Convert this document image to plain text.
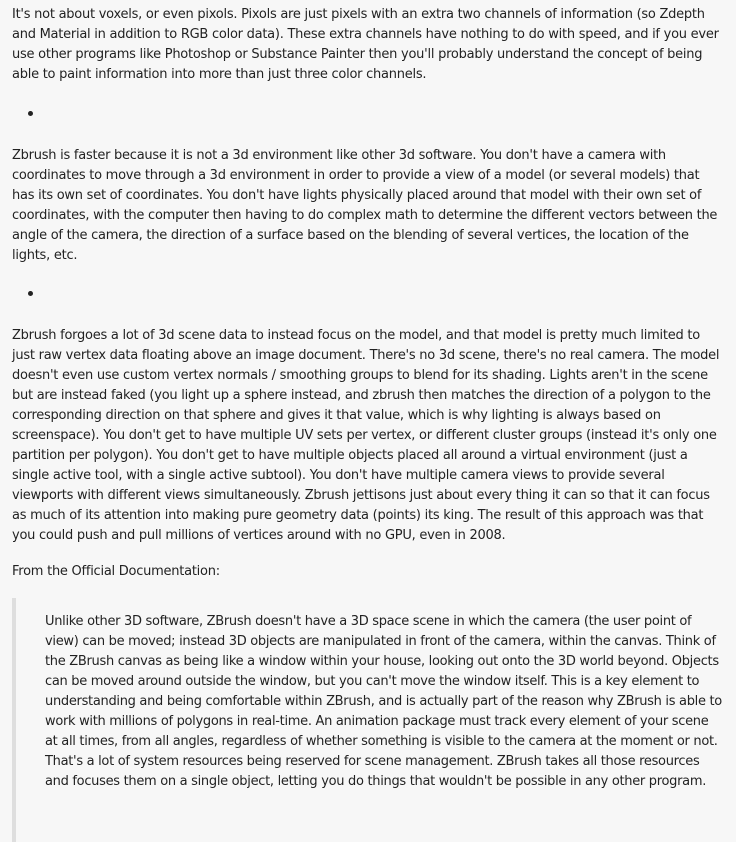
It's not about voxels, or even pixols. Pixols are just pixels with an extra two channels of information (so Zdepth and Material in addition to RGB color data). These extra channels have nothing to do with speed, and if you ever use other programs like Photoshop or Substance Painter then you'll probably understand the concept of being able to paint information into more than just three color channels.

Zbrush is faster because it is not a 3d environment like other 3d software. You don't have a camera with coordinates to move through a 3d environment in order to provide a view of a model (or several models) that has its own set of coordinates. You don't have lights physically placed around that model with their own set of coordinates, with the computer then having to do complex math to determine the different vectors between the angle of the camera, the direction of a surface based on the blending of several vertices, the location of the lights, etc.

Zbrush forgoes a lot of 3d scene data to instead focus on the model, and that model is pretty much limited to just raw vertex data floating above an image document. There's no 3d scene, there's no real camera. The model doesn't even use custom vertex normals / smoothing groups to blend for its shading. Lights aren't in the scene but are instead faked (you light up a sphere instead, and zbrush then matches the direction of a polygon to the corresponding direction on that sphere and gives it that value, which is why lighting is always based on screenspace). You don't get to have multiple UV sets per vertex, or different cluster groups (instead it's only one partition per polygon). You don't get to have multiple objects placed all around a virtual environment (just a single active tool, with a single active subtool). You don't have multiple camera views to provide several viewports with different views simultaneously. Zbrush jettisons just about every thing it can so that it can focus as much of its attention into making pure geometry data (points) its king. The result of this approach was that you could push and pull millions of vertices around with no GPU, even in 2008.

From the Official Documentation:

Unlike other 3D software, ZBrush doesn't have a 3D space scene in which the camera (the user point of view) can be moved; instead 3D objects are manipulated in front of the camera, within the canvas. Think of the ZBrush canvas as being like a window within your house, looking out onto the 3D world beyond. Objects can be moved around outside the window, but you can't move the window itself. This is a key element to understanding and being comfortable within ZBrush, and is actually part of the reason why ZBrush is able to work with millions of polygons in real-time. An animation package must track every element of your scene at all times, from all angles, regardless of whether something is visible to the camera at the moment or not. That's a lot of system resources being reserved for scene management. ZBrush takes all those resources and focuses them on a single object, letting you do things that wouldn't be possible in any other program.
